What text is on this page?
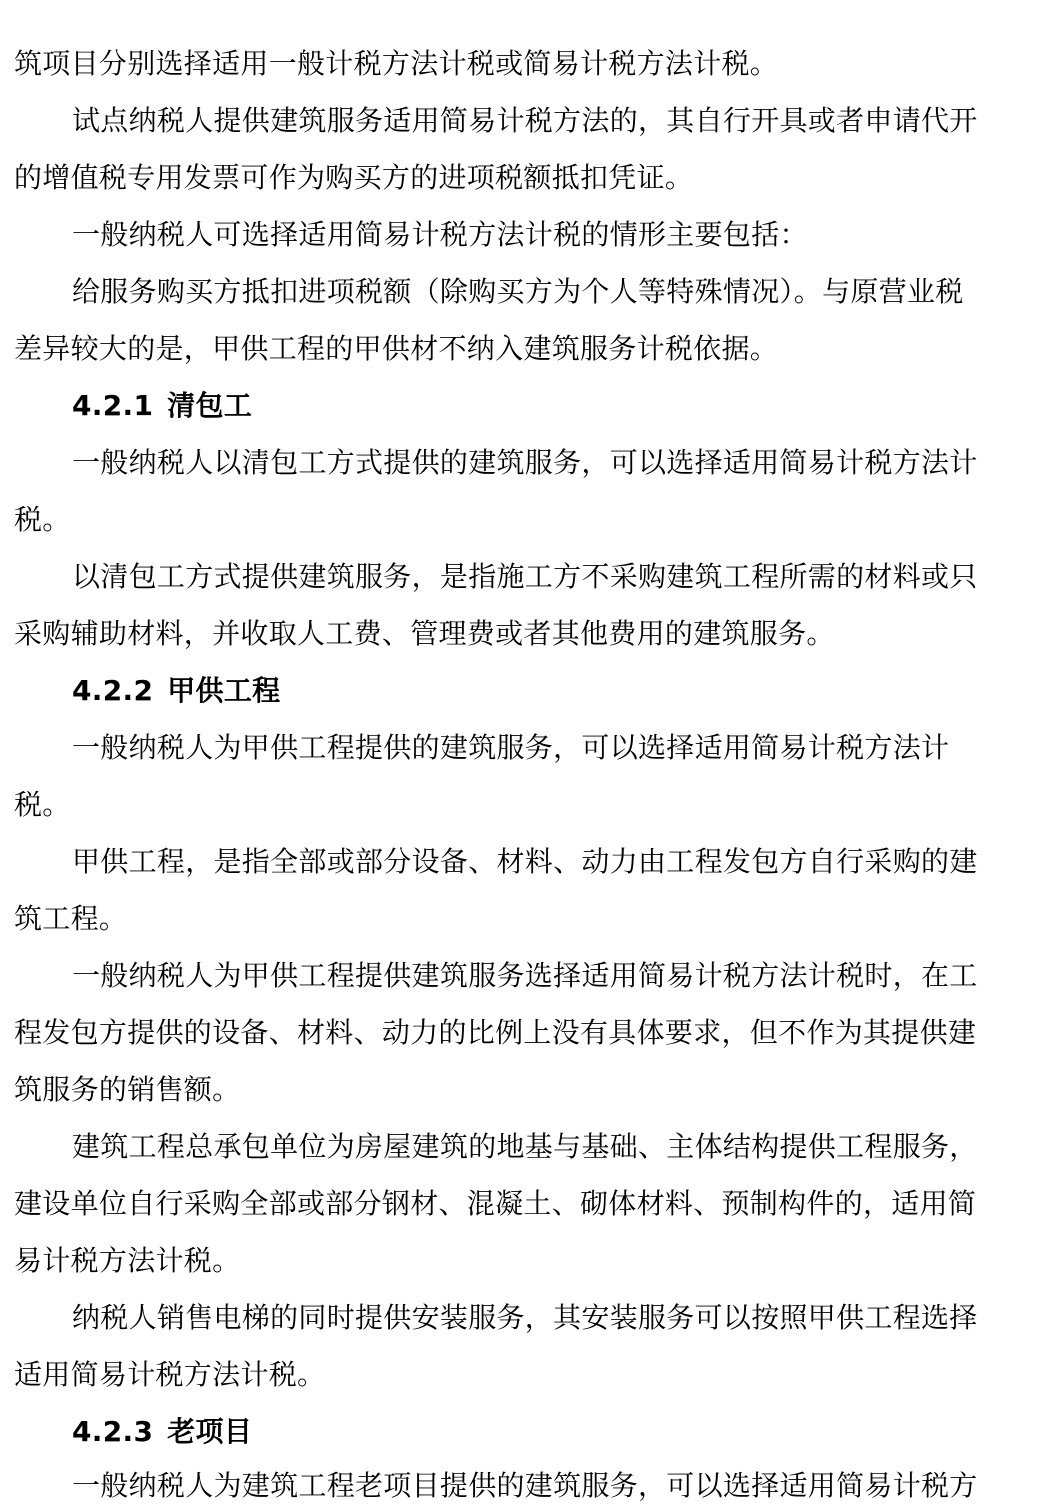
筑项目分别选择适用一般计税方法计税或简易计税方法计税。
试点纳税人提供建筑服务适用简易计税方法的，其自行开具或者申请代开
的增值税专用发票可作为购买方的进项税额抵扣凭证。
一般纳税人可选择适用简易计税方法计税的情形主要包括：
给服务购买方抵扣进项税额（除购买方为个人等特殊情况）。与原营业税
差异较大的是，甲供工程的甲供材不纳入建筑服务计税依据。
4.2.1 清包工
一般纳税人以清包工方式提供的建筑服务，可以选择适用简易计税方法计
税。
以清包工方式提供建筑服务，是指施工方不采购建筑工程所需的材料或只
采购辅助材料，并收取人工费、管理费或者其他费用的建筑服务。
4.2.2 甲供工程
一般纳税人为甲供工程提供的建筑服务，可以选择适用简易计税方法计
税。
甲供工程，是指全部或部分设备、材料、动力由工程发包方自行采购的建
筑工程。
一般纳税人为甲供工程提供建筑服务选择适用简易计税方法计税时，在工
程发包方提供的设备、材料、动力的比例上没有具体要求，但不作为其提供建
筑服务的销售额。
建筑工程总承包单位为房屋建筑的地基与基础、主体结构提供工程服务，
建设单位自行采购全部或部分钢材、混凝土、砌体材料、预制构件的，适用简
易计税方法计税。
纳税人销售电梯的同时提供安装服务，其安装服务可以按照甲供工程选择
适用简易计税方法计税。
4.2.3 老项目
一般纳税人为建筑工程老项目提供的建筑服务，可以选择适用简易计税方
